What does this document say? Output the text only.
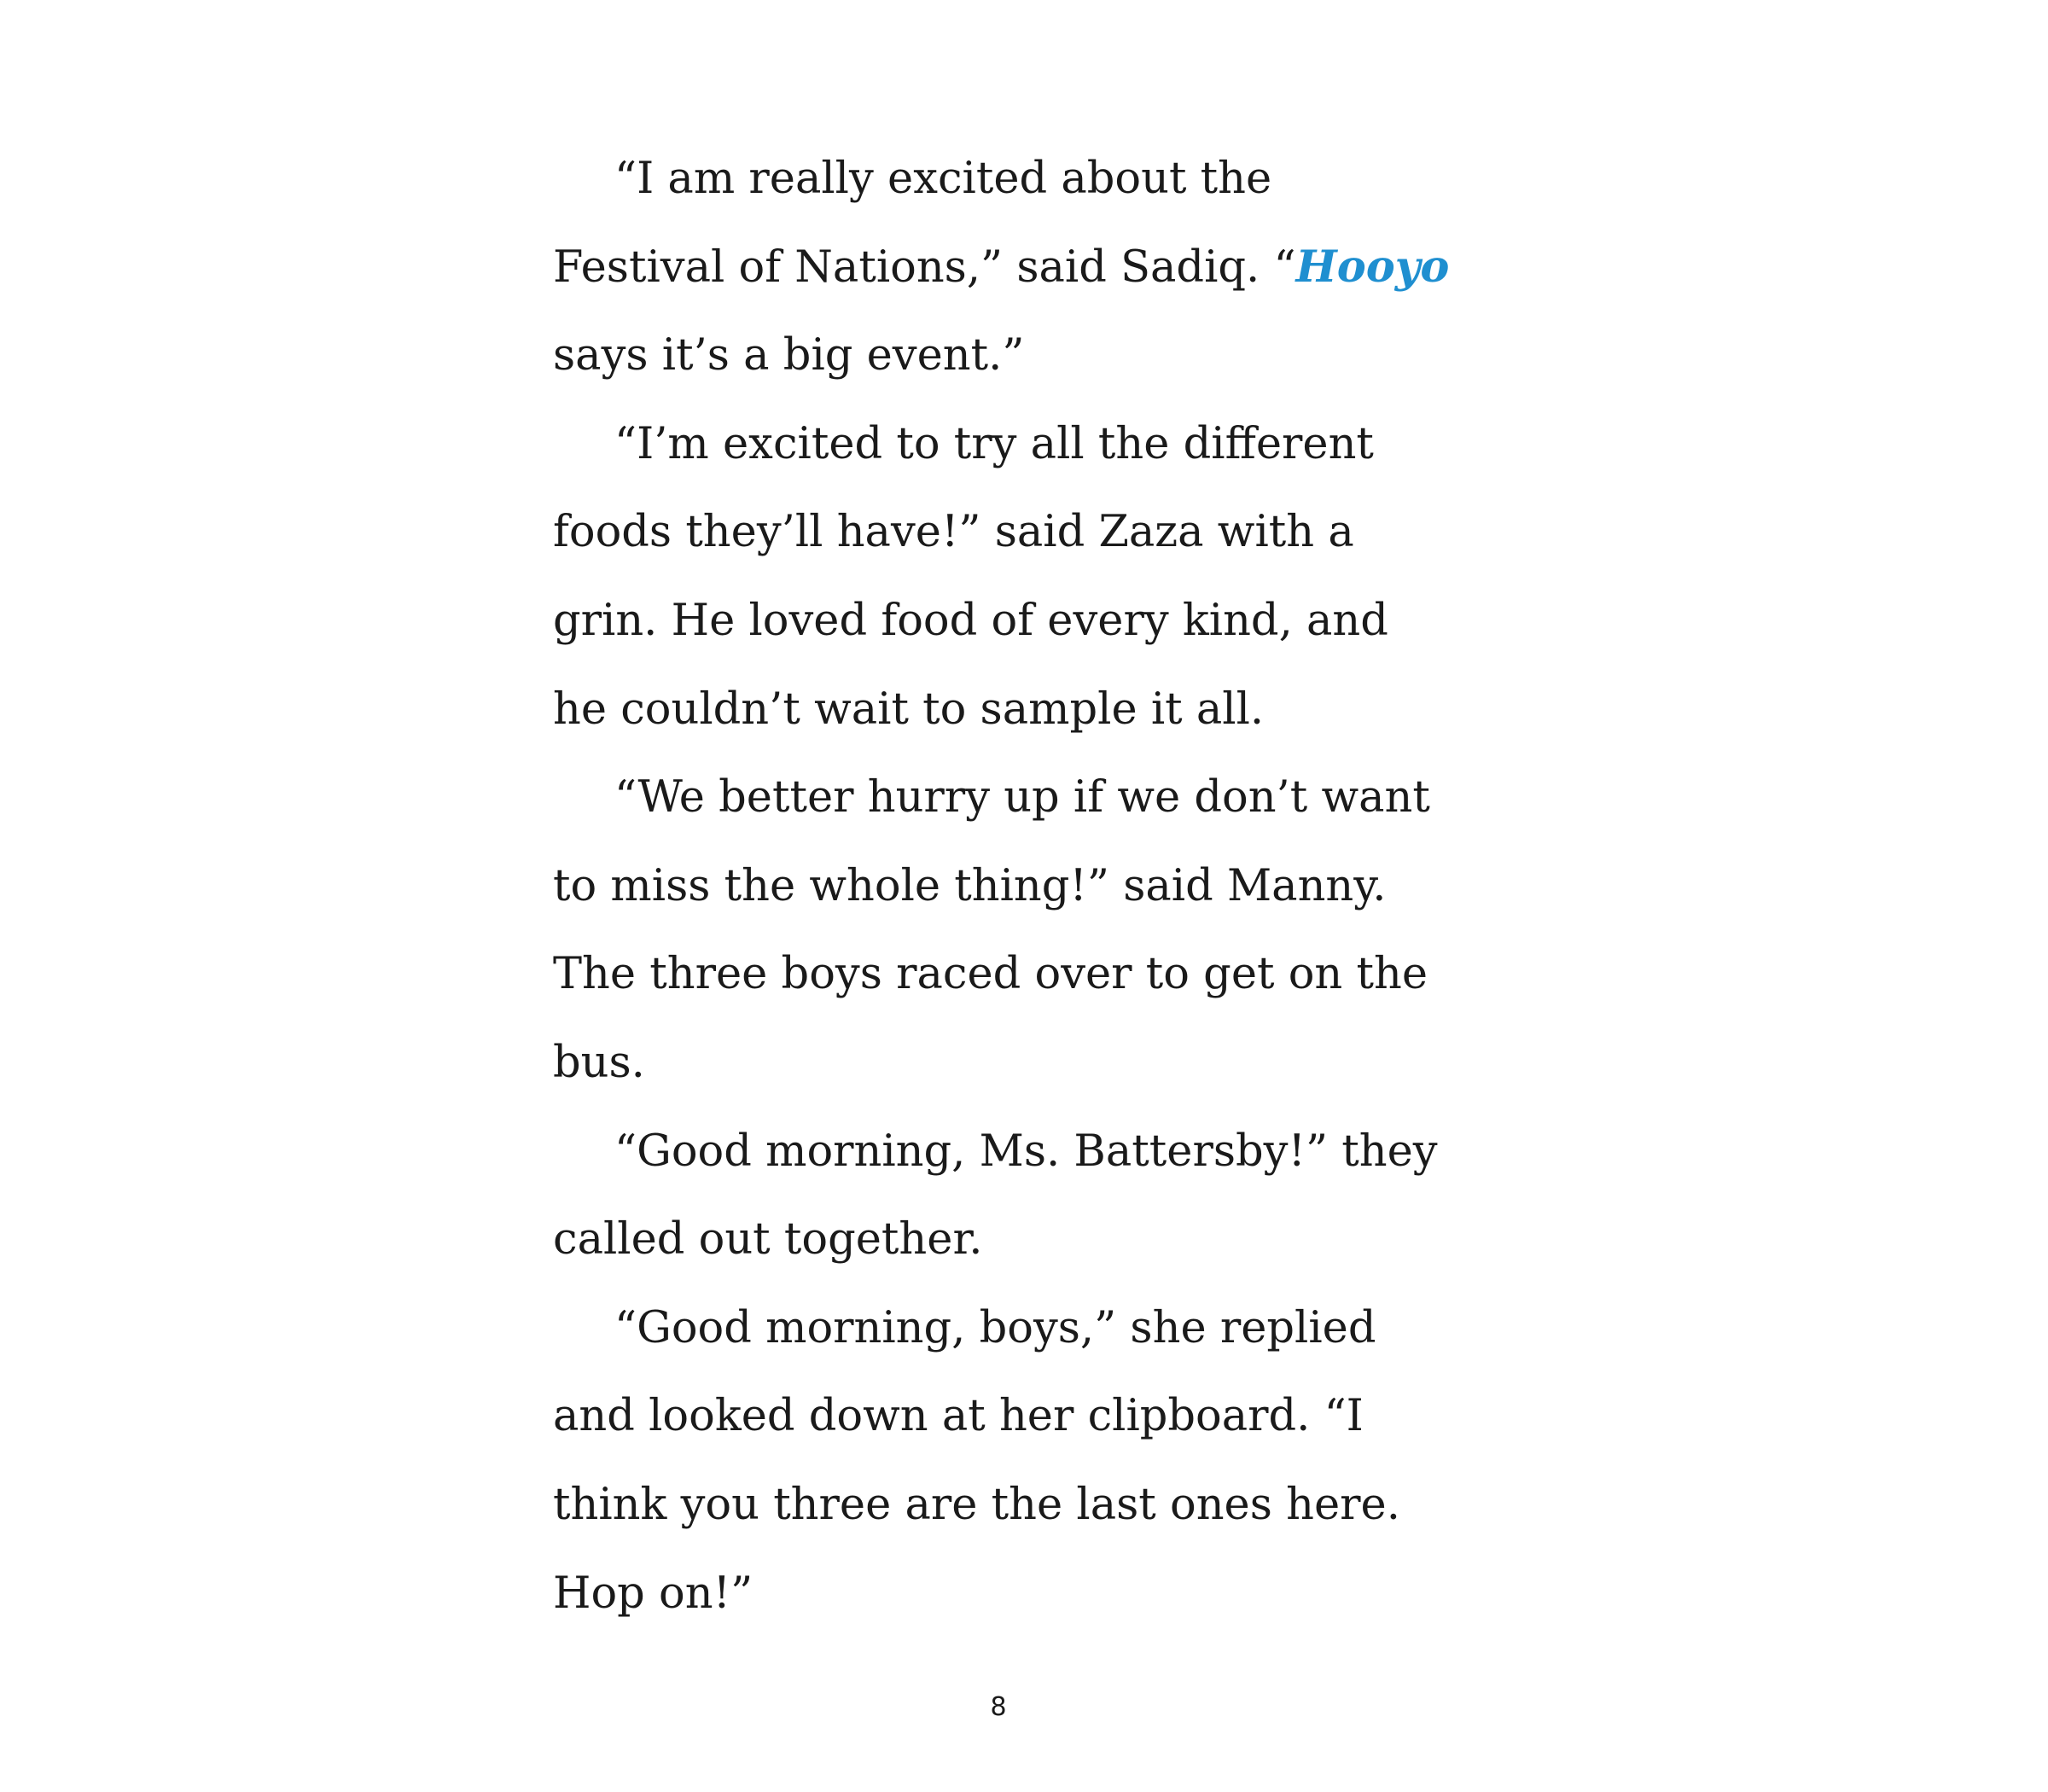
“I am really excited about the
Festival of Nations,” said Sadiq. “Hooyo
says it’s a big event.”
“I’m excited to try all the different
foods they’ll have!” said Zaza with a
grin. He loved food of every kind, and
he couldn’t wait to sample it all.
“We better hurry up if we don’t want
to miss the whole thing!” said Manny.
The three boys raced over to get on the
bus.
“Good morning, Ms. Battersby!” they
called out together.
“Good morning, boys,” she replied
and looked down at her clipboard. “I
think you three are the last ones here.
Hop on!”
8
